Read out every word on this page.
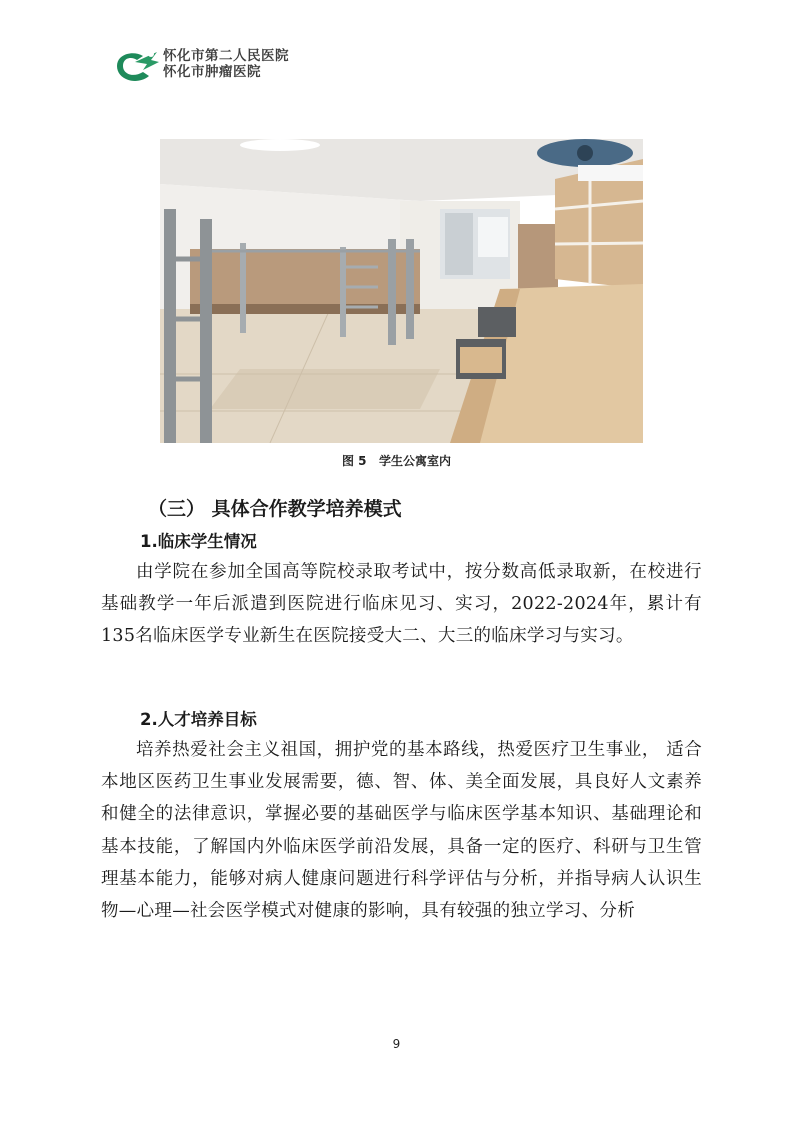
怀化市第二人民医院
怀化市肿瘤医院
图 5   学生公寓室内
（三） 具体合作教学培养模式
1.临床学生情况
由学院在参加全国高等院校录取考试中，按分数高低录取新，在校进行基础教学一年后派遣到医院进行临床见习、实习，2022-2024年，累计有135名临床医学专业新生在医院接受大二、大三的临床学习与实习。
2.人才培养目标
培养热爱社会主义祖国，拥护党的基本路线，热爱医疗卫生事业， 适合本地区医药卫生事业发展需要，德、智、体、美全面发展，具良好人文素养和健全的法律意识，掌握必要的基础医学与临床医学基本知识、基础理论和基本技能，了解国内外临床医学前沿发展，具备一定的医疗、科研与卫生管理基本能力，能够对病人健康问题进行科学评估与分析，并指导病人认识生物—心理—社会医学模式对健康的影响，具有较强的独立学习、分析
9
